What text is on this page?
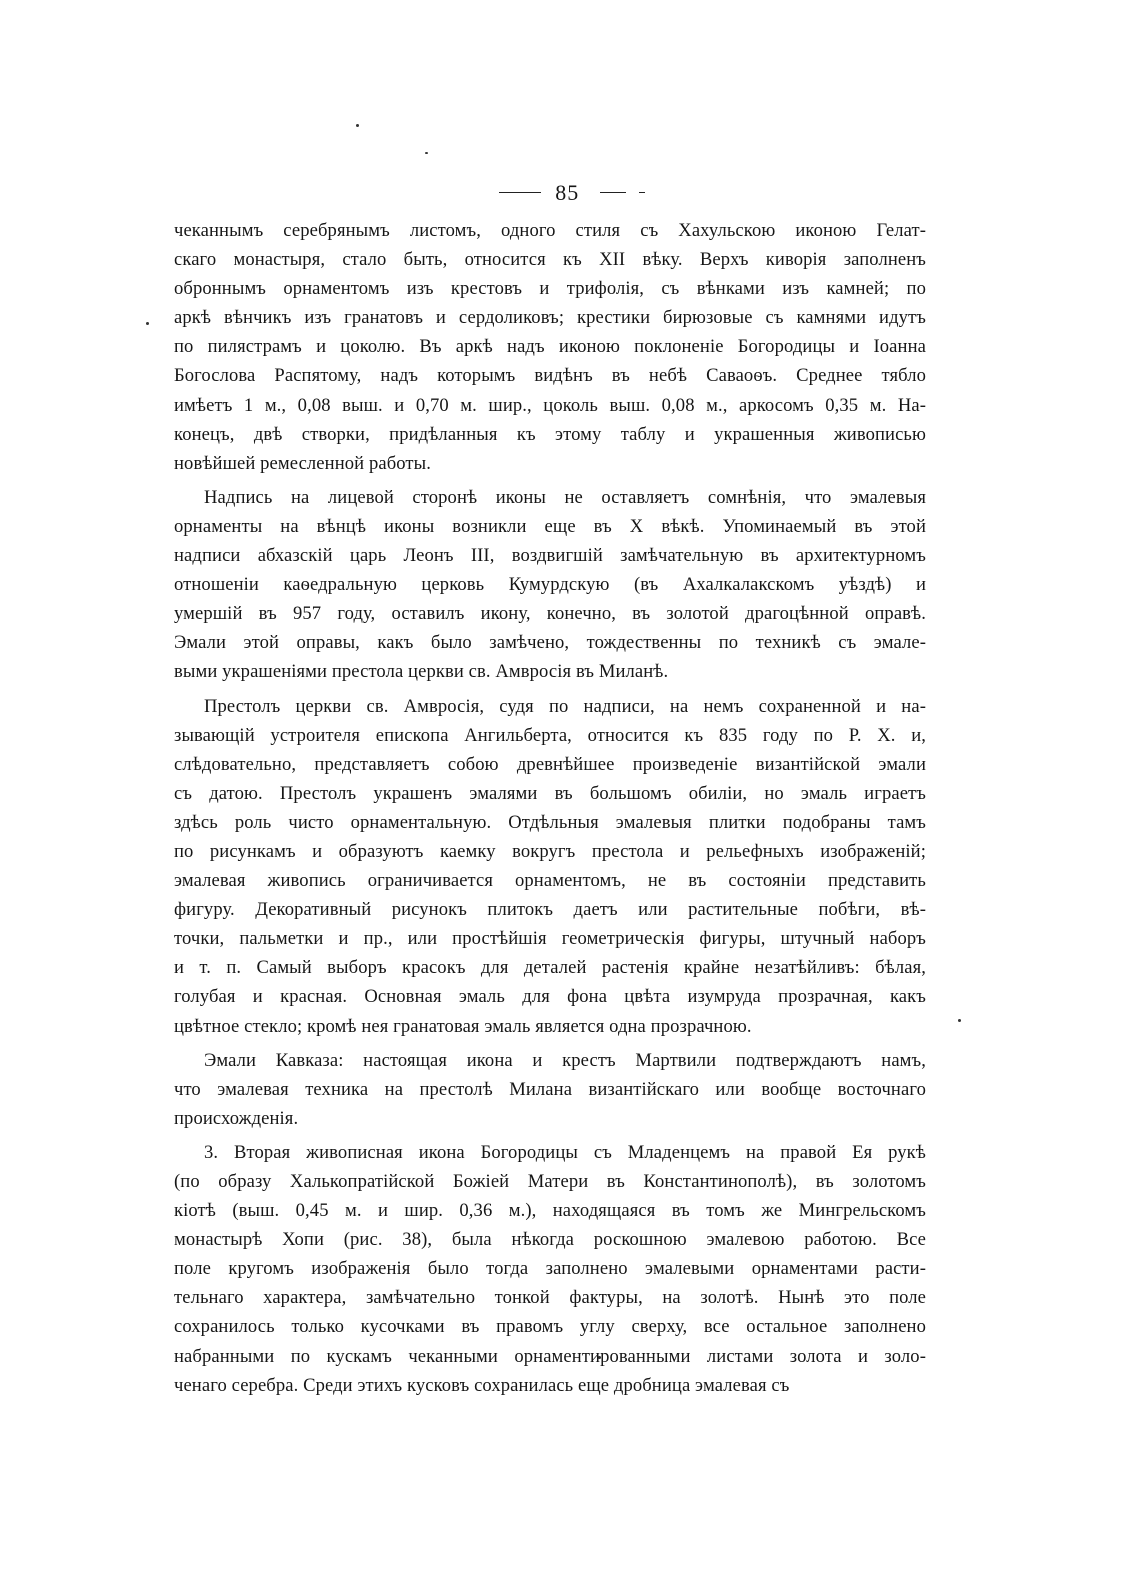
85
чеканнымъ серебрянымъ листомъ, одного стиля съ Хахульскою иконою Гелат-
скаго монастыря, стало быть, относится къ XII вѣку. Верхъ киворія заполненъ
оброннымъ орнаментомъ изъ крестовъ и трифолія, съ вѣнками изъ камней; по
аркѣ вѣнчикъ изъ гранатовъ и сердоликовъ; крестики бирюзовые съ камнями идутъ
по пилястрамъ и цоколю. Въ аркѣ надъ иконою поклоненіе Богородицы и Іоанна
Богослова Распятому, надъ которымъ видѣнъ въ небѣ Саваоѳъ. Среднее тябло
имѣетъ 1 м., 0,08 выш. и 0,70 м. шир., цоколь выш. 0,08 м., аркосомъ 0,35 м. На-
конецъ, двѣ створки, придѣланныя къ этому таблу и украшенныя живописью
новѣйшей ремесленной работы.
Надпись на лицевой сторонѣ иконы не оставляетъ сомнѣнія, что эмалевыя
орнаменты на вѣнцѣ иконы возникли еще въ X вѣкѣ. Упоминаемый въ этой
надписи абхазскій царь Леонъ III, воздвигшій замѣчательную въ архитектурномъ
отношеніи каѳедральную церковь Кумурдскую (въ Ахалкалакскомъ уѣздѣ) и
умершій въ 957 году, оставилъ икону, конечно, въ золотой драгоцѣнной оправѣ.
Эмали этой оправы, какъ было замѣчено, тождественны по техникѣ съ эмале-
выми украшеніями престола церкви св. Амвросія въ Миланѣ.
Престолъ церкви св. Амвросія, судя по надписи, на немъ сохраненной и на-
зывающій устроителя епископа Ангильберта, относится къ 835 году по Р. Х. и,
слѣдовательно, представляетъ собою древнѣйшее произведеніе византійской эмали
съ датою. Престолъ украшенъ эмалями въ большомъ обиліи, но эмаль играетъ
здѣсь роль чисто орнаментальную. Отдѣльныя эмалевыя плитки подобраны тамъ
по рисункамъ и образуютъ каемку вокругъ престола и рельефныхъ изображеній;
эмалевая живопись ограничивается орнаментомъ, не въ состояніи представить
фигуру. Декоративный рисунокъ плитокъ даетъ или растительные побѣги, вѣ-
точки, пальметки и пр., или простѣйшія геометрическія фигуры, штучный наборъ
и т. п. Самый выборъ красокъ для деталей растенія крайне незатѣйливъ: бѣлая,
голубая и красная. Основная эмаль для фона цвѣта изумруда прозрачная, какъ
цвѣтное стекло; кромѣ нея гранатовая эмаль является одна прозрачною.
Эмали Кавказа: настоящая икона и крестъ Мартвили подтверждаютъ намъ,
что эмалевая техника на престолѣ Милана византійскаго или вообще восточнаго
происхожденія.
3. Вторая живописная икона Богородицы съ Младенцемъ на правой Ея рукѣ
(по образу Халькопратійской Божіей Матери въ Константинополѣ), въ золотомъ
кіотѣ (выш. 0,45 м. и шир. 0,36 м.), находящаяся въ томъ же Мингрельскомъ
монастырѣ Хопи (рис. 38), была нѣкогда роскошною эмалевою работою. Все
поле кругомъ изображенія было тогда заполнено эмалевыми орнаментами расти-
тельнаго характера, замѣчательно тонкой фактуры, на золотѣ. Нынѣ это поле
сохранилось только кусочками въ правомъ углу сверху, все остальное заполнено
набранными по кускамъ чеканными орнаментированными листами золота и золо-
ченаго серебра. Среди этихъ кусковъ сохранилась еще дробница эмалевая съ
